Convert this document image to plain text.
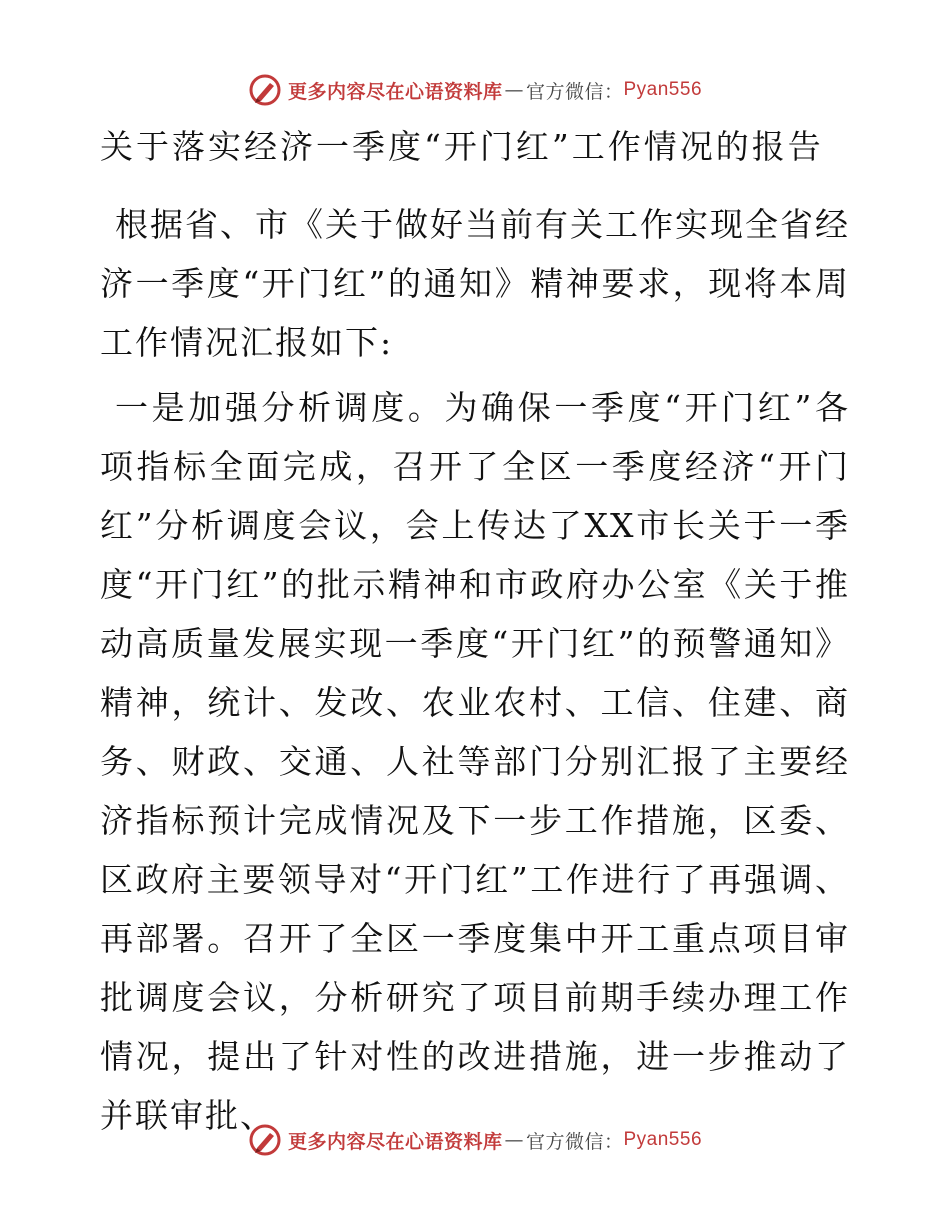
更多内容尽在心语资料库 — 官方微信： Pyan556
关于落实经济一季度“开门红”工作情况的报告

根据省、市《关于做好当前有关工作实现全省经济一季度“开门红”的通知》精神要求，现将本周工作情况汇报如下:

一是加强分析调度。为确保一季度“开门红”各项指标全面完成，召开了全区一季度经济“开门红”分析调度会议，会上传达了XX市长关于一季度“开门红”的批示精神和市政府办公室《关于推动高质量发展实现一季度“开门红”的预警通知》精神，统计、发改、农业农村、工信、住建、商务、财政、交通、人社等部门分别汇报了主要经济指标预计完成情况及下一步工作措施，区委、区政府主要领导对“开门红”工作进行了再强调、再部署。召开了全区一季度集中开工重点项目审批调度会议，分析研究了项目前期手续办理工作情况，提出了针对性的改进措施，进一步推动了并联审批、

更多内容尽在心语资料库 — 官方微信： Pyan556
